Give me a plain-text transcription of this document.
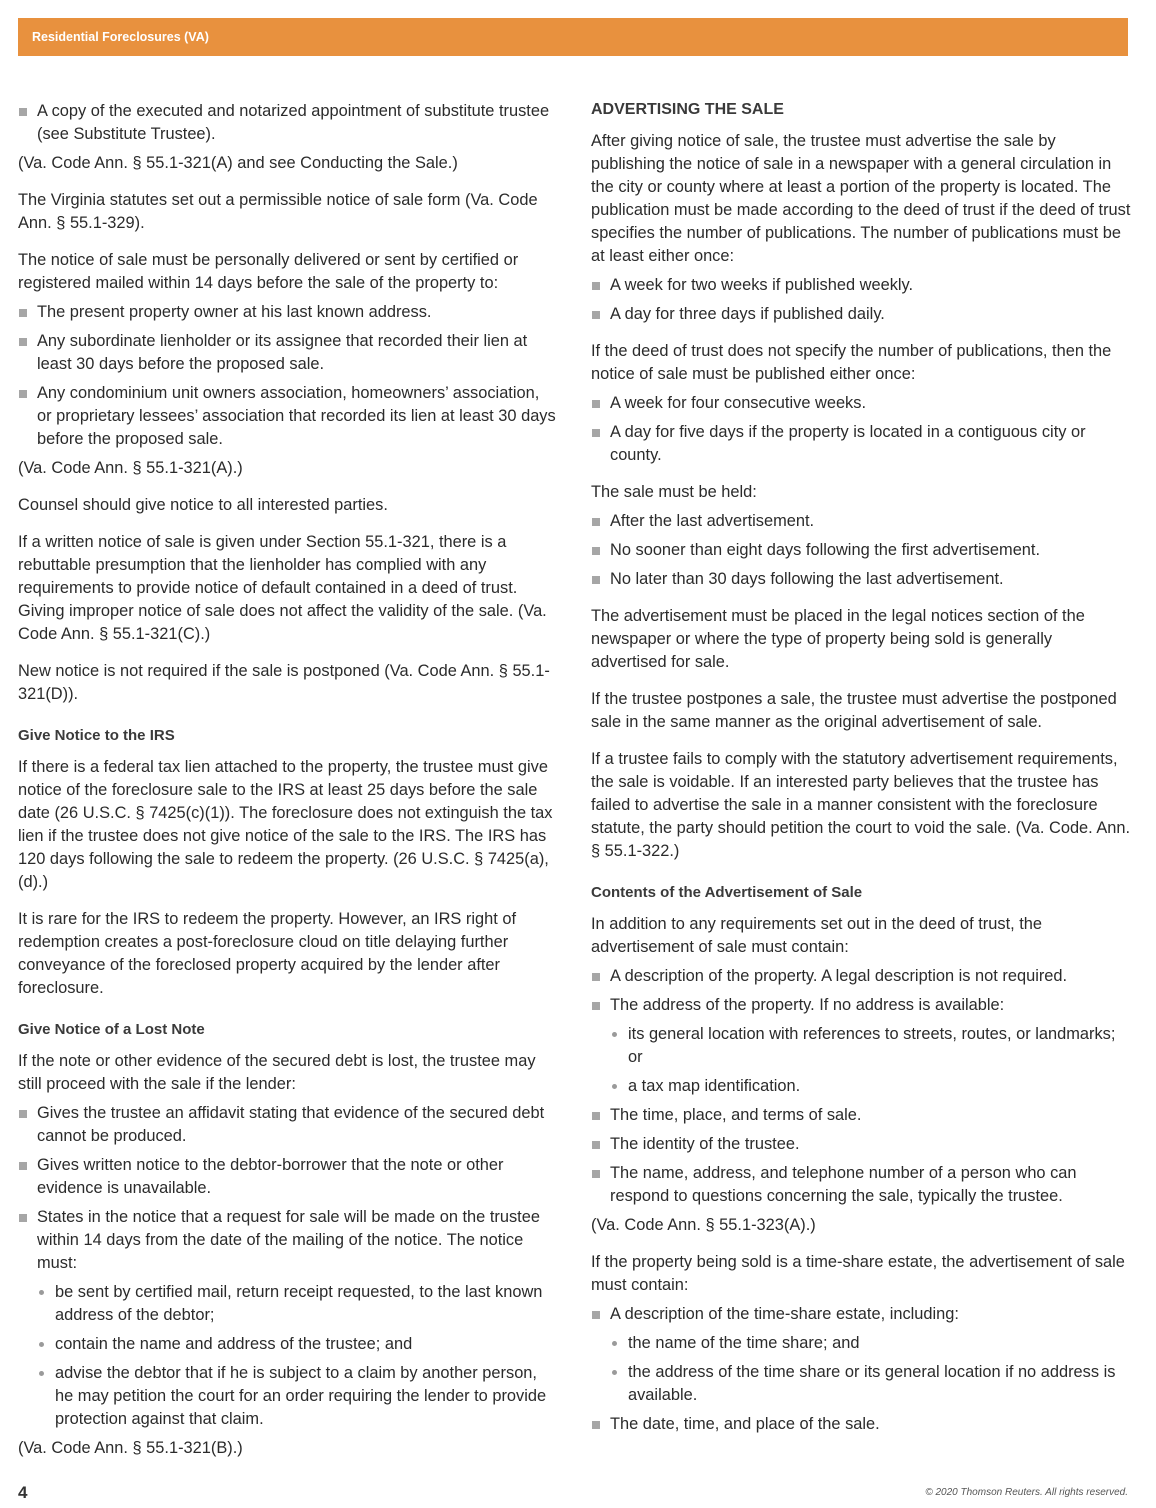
Residential Foreclosures (VA)
A copy of the executed and notarized appointment of substitute trustee (see Substitute Trustee).

(Va. Code Ann. § 55.1-321(A) and see Conducting the Sale.)

The Virginia statutes set out a permissible notice of sale form (Va. Code Ann. § 55.1-329).

The notice of sale must be personally delivered or sent by certified or registered mailed within 14 days before the sale of the property to:

The present property owner at his last known address.
Any subordinate lienholder or its assignee that recorded their lien at least 30 days before the proposed sale.
Any condominium unit owners association, homeowners’ association, or proprietary lessees’ association that recorded its lien at least 30 days before the proposed sale.

(Va. Code Ann. § 55.1-321(A).)

Counsel should give notice to all interested parties.

If a written notice of sale is given under Section 55.1-321, there is a rebuttable presumption that the lienholder has complied with any requirements to provide notice of default contained in a deed of trust. Giving improper notice of sale does not affect the validity of the sale. (Va. Code Ann. § 55.1-321(C).)

New notice is not required if the sale is postponed (Va. Code Ann. § 55.1-321(D)).

Give Notice to the IRS

If there is a federal tax lien attached to the property, the trustee must give notice of the foreclosure sale to the IRS at least 25 days before the sale date (26 U.S.C. § 7425(c)(1)). The foreclosure does not extinguish the tax lien if the trustee does not give notice of the sale to the IRS. The IRS has 120 days following the sale to redeem the property. (26 U.S.C. § 7425(a), (d).)

It is rare for the IRS to redeem the property. However, an IRS right of redemption creates a post-foreclosure cloud on title delaying further conveyance of the foreclosed property acquired by the lender after foreclosure.

Give Notice of a Lost Note

If the note or other evidence of the secured debt is lost, the trustee may still proceed with the sale if the lender:

Gives the trustee an affidavit stating that evidence of the secured debt cannot be produced.
Gives written notice to the debtor-borrower that the note or other evidence is unavailable.
States in the notice that a request for sale will be made on the trustee within 14 days from the date of the mailing of the notice. The notice must:
be sent by certified mail, return receipt requested, to the last known address of the debtor;
contain the name and address of the trustee; and
advise the debtor that if he is subject to a claim by another person, he may petition the court for an order requiring the lender to provide protection against that claim.

(Va. Code Ann. § 55.1-321(B).)

ADVERTISING THE SALE

After giving notice of sale, the trustee must advertise the sale by publishing the notice of sale in a newspaper with a general circulation in the city or county where at least a portion of the property is located. The publication must be made according to the deed of trust if the deed of trust specifies the number of publications. The number of publications must be at least either once:

A week for two weeks if published weekly.
A day for three days if published daily.

If the deed of trust does not specify the number of publications, then the notice of sale must be published either once:

A week for four consecutive weeks.
A day for five days if the property is located in a contiguous city or county.

The sale must be held:

After the last advertisement.
No sooner than eight days following the first advertisement.
No later than 30 days following the last advertisement.

The advertisement must be placed in the legal notices section of the newspaper or where the type of property being sold is generally advertised for sale.

If the trustee postpones a sale, the trustee must advertise the postponed sale in the same manner as the original advertisement of sale.

If a trustee fails to comply with the statutory advertisement requirements, the sale is voidable. If an interested party believes that the trustee has failed to advertise the sale in a manner consistent with the foreclosure statute, the party should petition the court to void the sale. (Va. Code. Ann. § 55.1-322.)

Contents of the Advertisement of Sale

In addition to any requirements set out in the deed of trust, the advertisement of sale must contain:

A description of the property. A legal description is not required.
The address of the property. If no address is available:
its general location with references to streets, routes, or landmarks; or
a tax map identification.
The time, place, and terms of sale.
The identity of the trustee.
The name, address, and telephone number of a person who can respond to questions concerning the sale, typically the trustee.

(Va. Code Ann. § 55.1-323(A).)

If the property being sold is a time-share estate, the advertisement of sale must contain:

A description of the time-share estate, including:
the name of the time share; and
the address of the time share or its general location if no address is available.
The date, time, and place of the sale.
4	© 2020 Thomson Reuters. All rights reserved.
